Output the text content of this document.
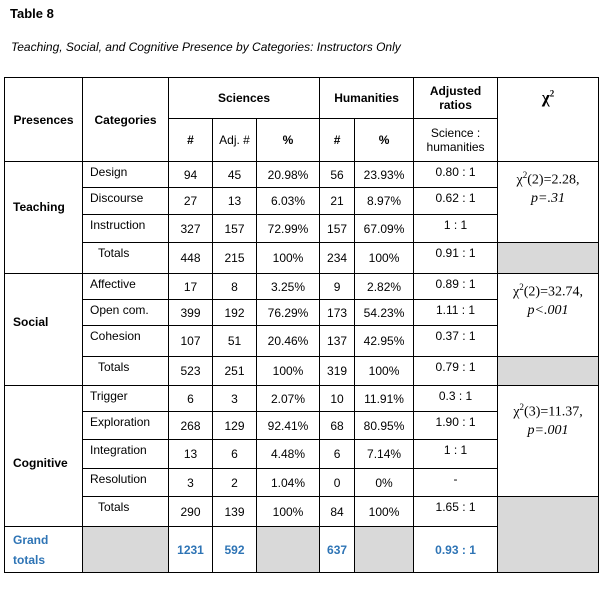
Table 8
Teaching, Social, and Cognitive Presence by Categories: Instructors Only
Presences	Categories	Sciences			Humanities		Adjusted ratios	$\chi^2$
		#	Adj. #	%	#	%	Science : humanities	
Teaching	Design	94	45	20.98%	56	23.93%	0.80 : 1	$\chi^2(2)=2.28$,
p=.31
	Discourse	27	13	6.03%	21	8.97%	0.62 : 1	
	Instruction	327	157	72.99%	157	67.09%	1 : 1	
	Totals	448	215	100%	234	100%	0.91 : 1	
Social	Affective	17	8	3.25%	9	2.82%	0.89 : 1	$\chi^2(2)=32.74$,
p<.001
	Open com.	399	192	76.29%	173	54.23%	1.11 : 1	
	Cohesion	107	51	20.46%	137	42.95%	0.37 : 1	
	Totals	523	251	100%	319	100%	0.79 : 1	
Cognitive	Trigger	6	3	2.07%	10	11.91%	0.3 : 1	$\chi^2(3)=11.37$,
p=.001
	Exploration	268	129	92.41%	68	80.95%	1.90 : 1	
	Integration	13	6	4.48%	6	7.14%	1 : 1	
	Resolution	3	2	1.04%	0	0%	-	
	Totals	290	139	100%	84	100%	1.65 : 1	
Grand totals		1231	592		637		0.93 : 1	
